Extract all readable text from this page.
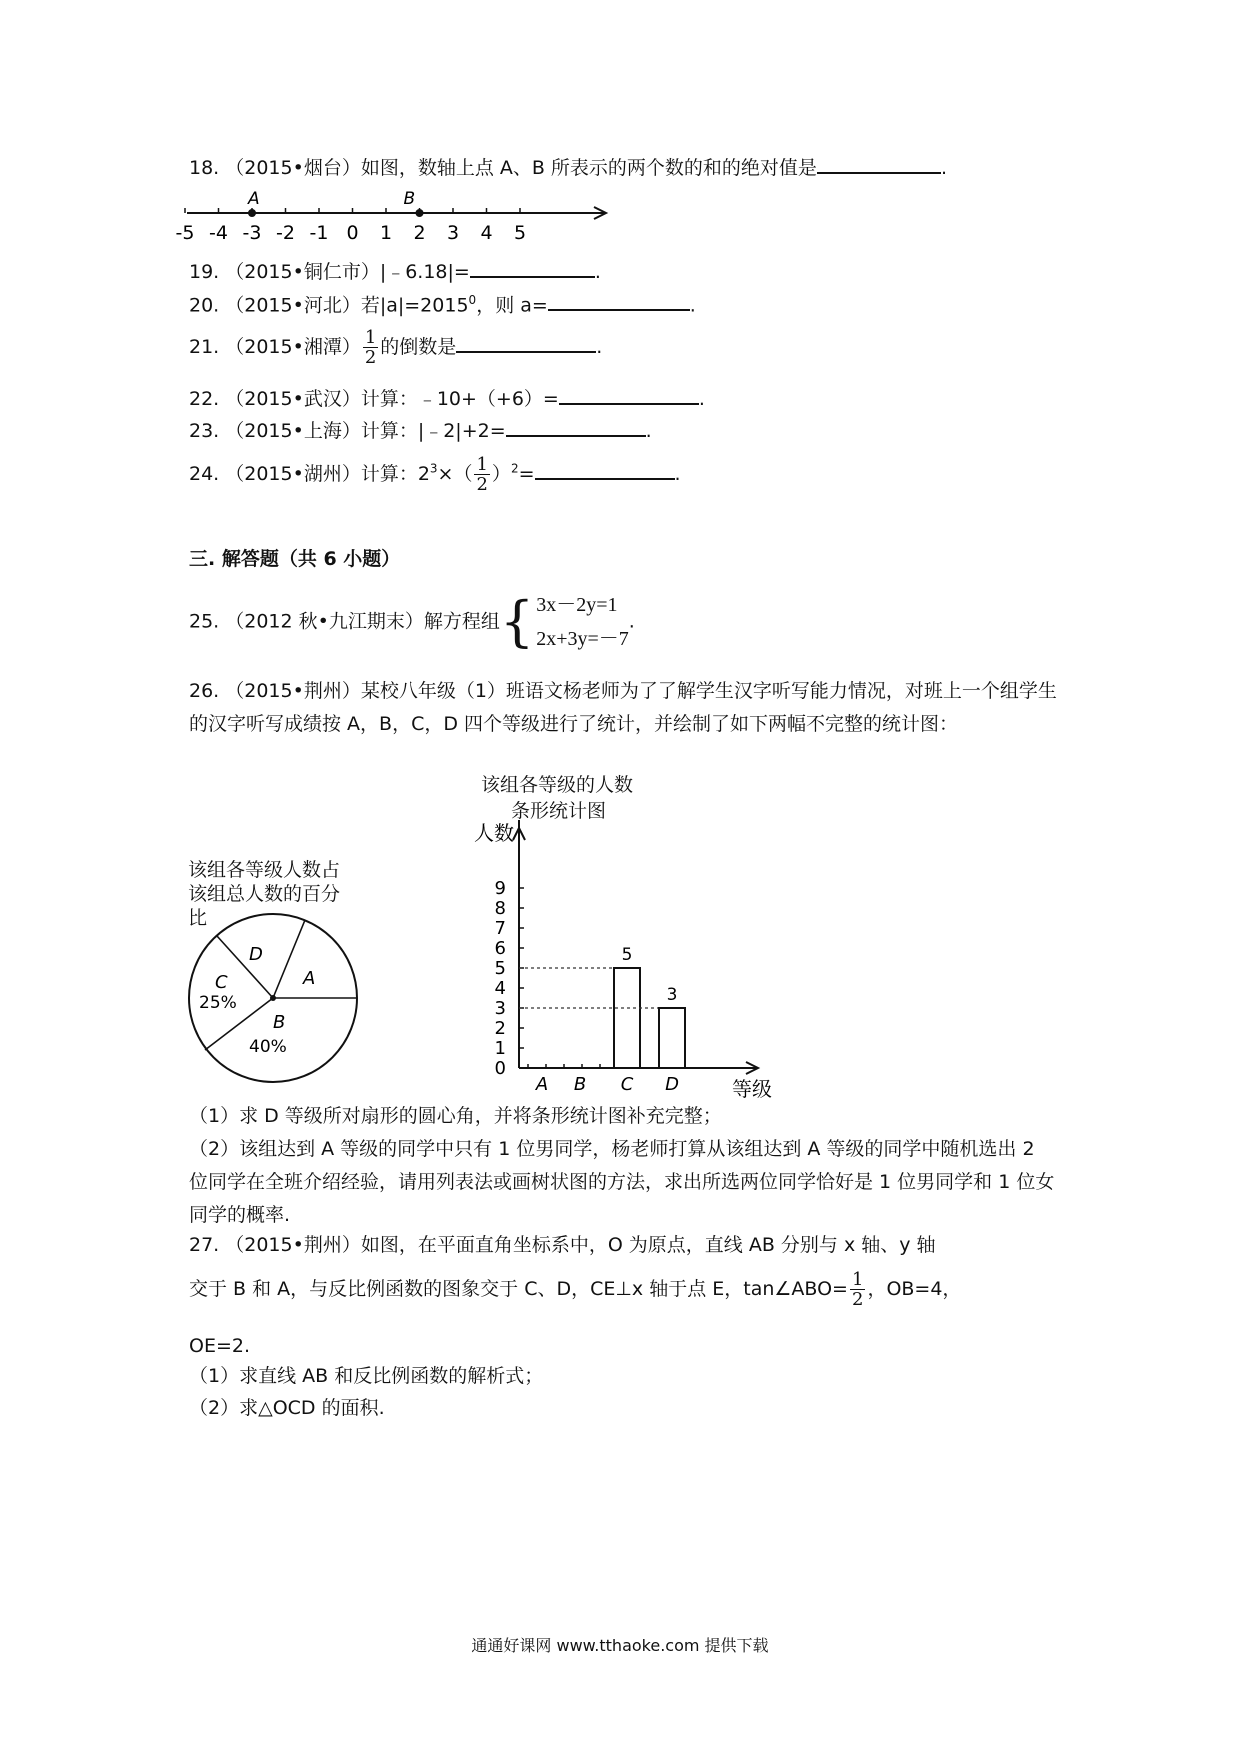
18. （2015•烟台）如图，数轴上点 A、B 所表示的两个数的和的绝对值是	.
-5 -4 -3 -2 -1 0 1 2 3 4 5
A	B
19. （2015•铜仁市）|﹣6.18|=	.
20. （2015•河北）若$|a|=2015^0$，则 a=	.
21. （2015•湘潭） $\frac{1}{2}$ 的倒数是	.
22. （2015•武汉）计算：﹣10+（+6）=	.
23. （2015•上海）计算：|﹣2|+2=	.
24. （2015•湖州）计算：$2^3\times( \frac{1}{2} )^2=$	.
三. 解答题（共 6 小题）
25. （2012 秋•九江期末）解方程组{ 3x－2y=1
2x+3y=－7
.
26. （2015•荆州）某校八年级（1）班语文杨老师为了了解学生汉字听写能力情况，对班上一个组学生的汉字听写成绩按 A，B，C，D 四个等级进行了统计，并绘制了如下两幅不完整的统计图：
该组各等级人数占
该组总人数的百分
比
A
B
C
D
25%
40%
该组各等级的人数
条形统计图
人数
等级
0
1
2
3
4
5
6
7
8
9
A B C
5
D
3
（1）求 D 等级所对扇形的圆心角，并将条形统计图补充完整；
（2）该组达到 A 等级的同学中只有 1 位男同学，杨老师打算从该组达到 A 等级的同学中随机选出 2 位同学在全班介绍经验，请用列表法或画树状图的方法，求出所选两位同学恰好是 1 位男同学和 1 位女同学的概率.
27. （2015•荆州）如图，在平面直角坐标系中，O 为原点，直线 AB 分别与 x 轴、y 轴
交于 B 和 A，与反比例函数的图象交于 C、D，CE⊥x 轴于点 E，tan∠ABO= $\frac{1}{2}$ ，OB=4，
OE=2.
（1）求直线 AB 和反比例函数的解析式；
（2）求△OCD 的面积.
通通好课网 www.tthaoke.com 提供下载
